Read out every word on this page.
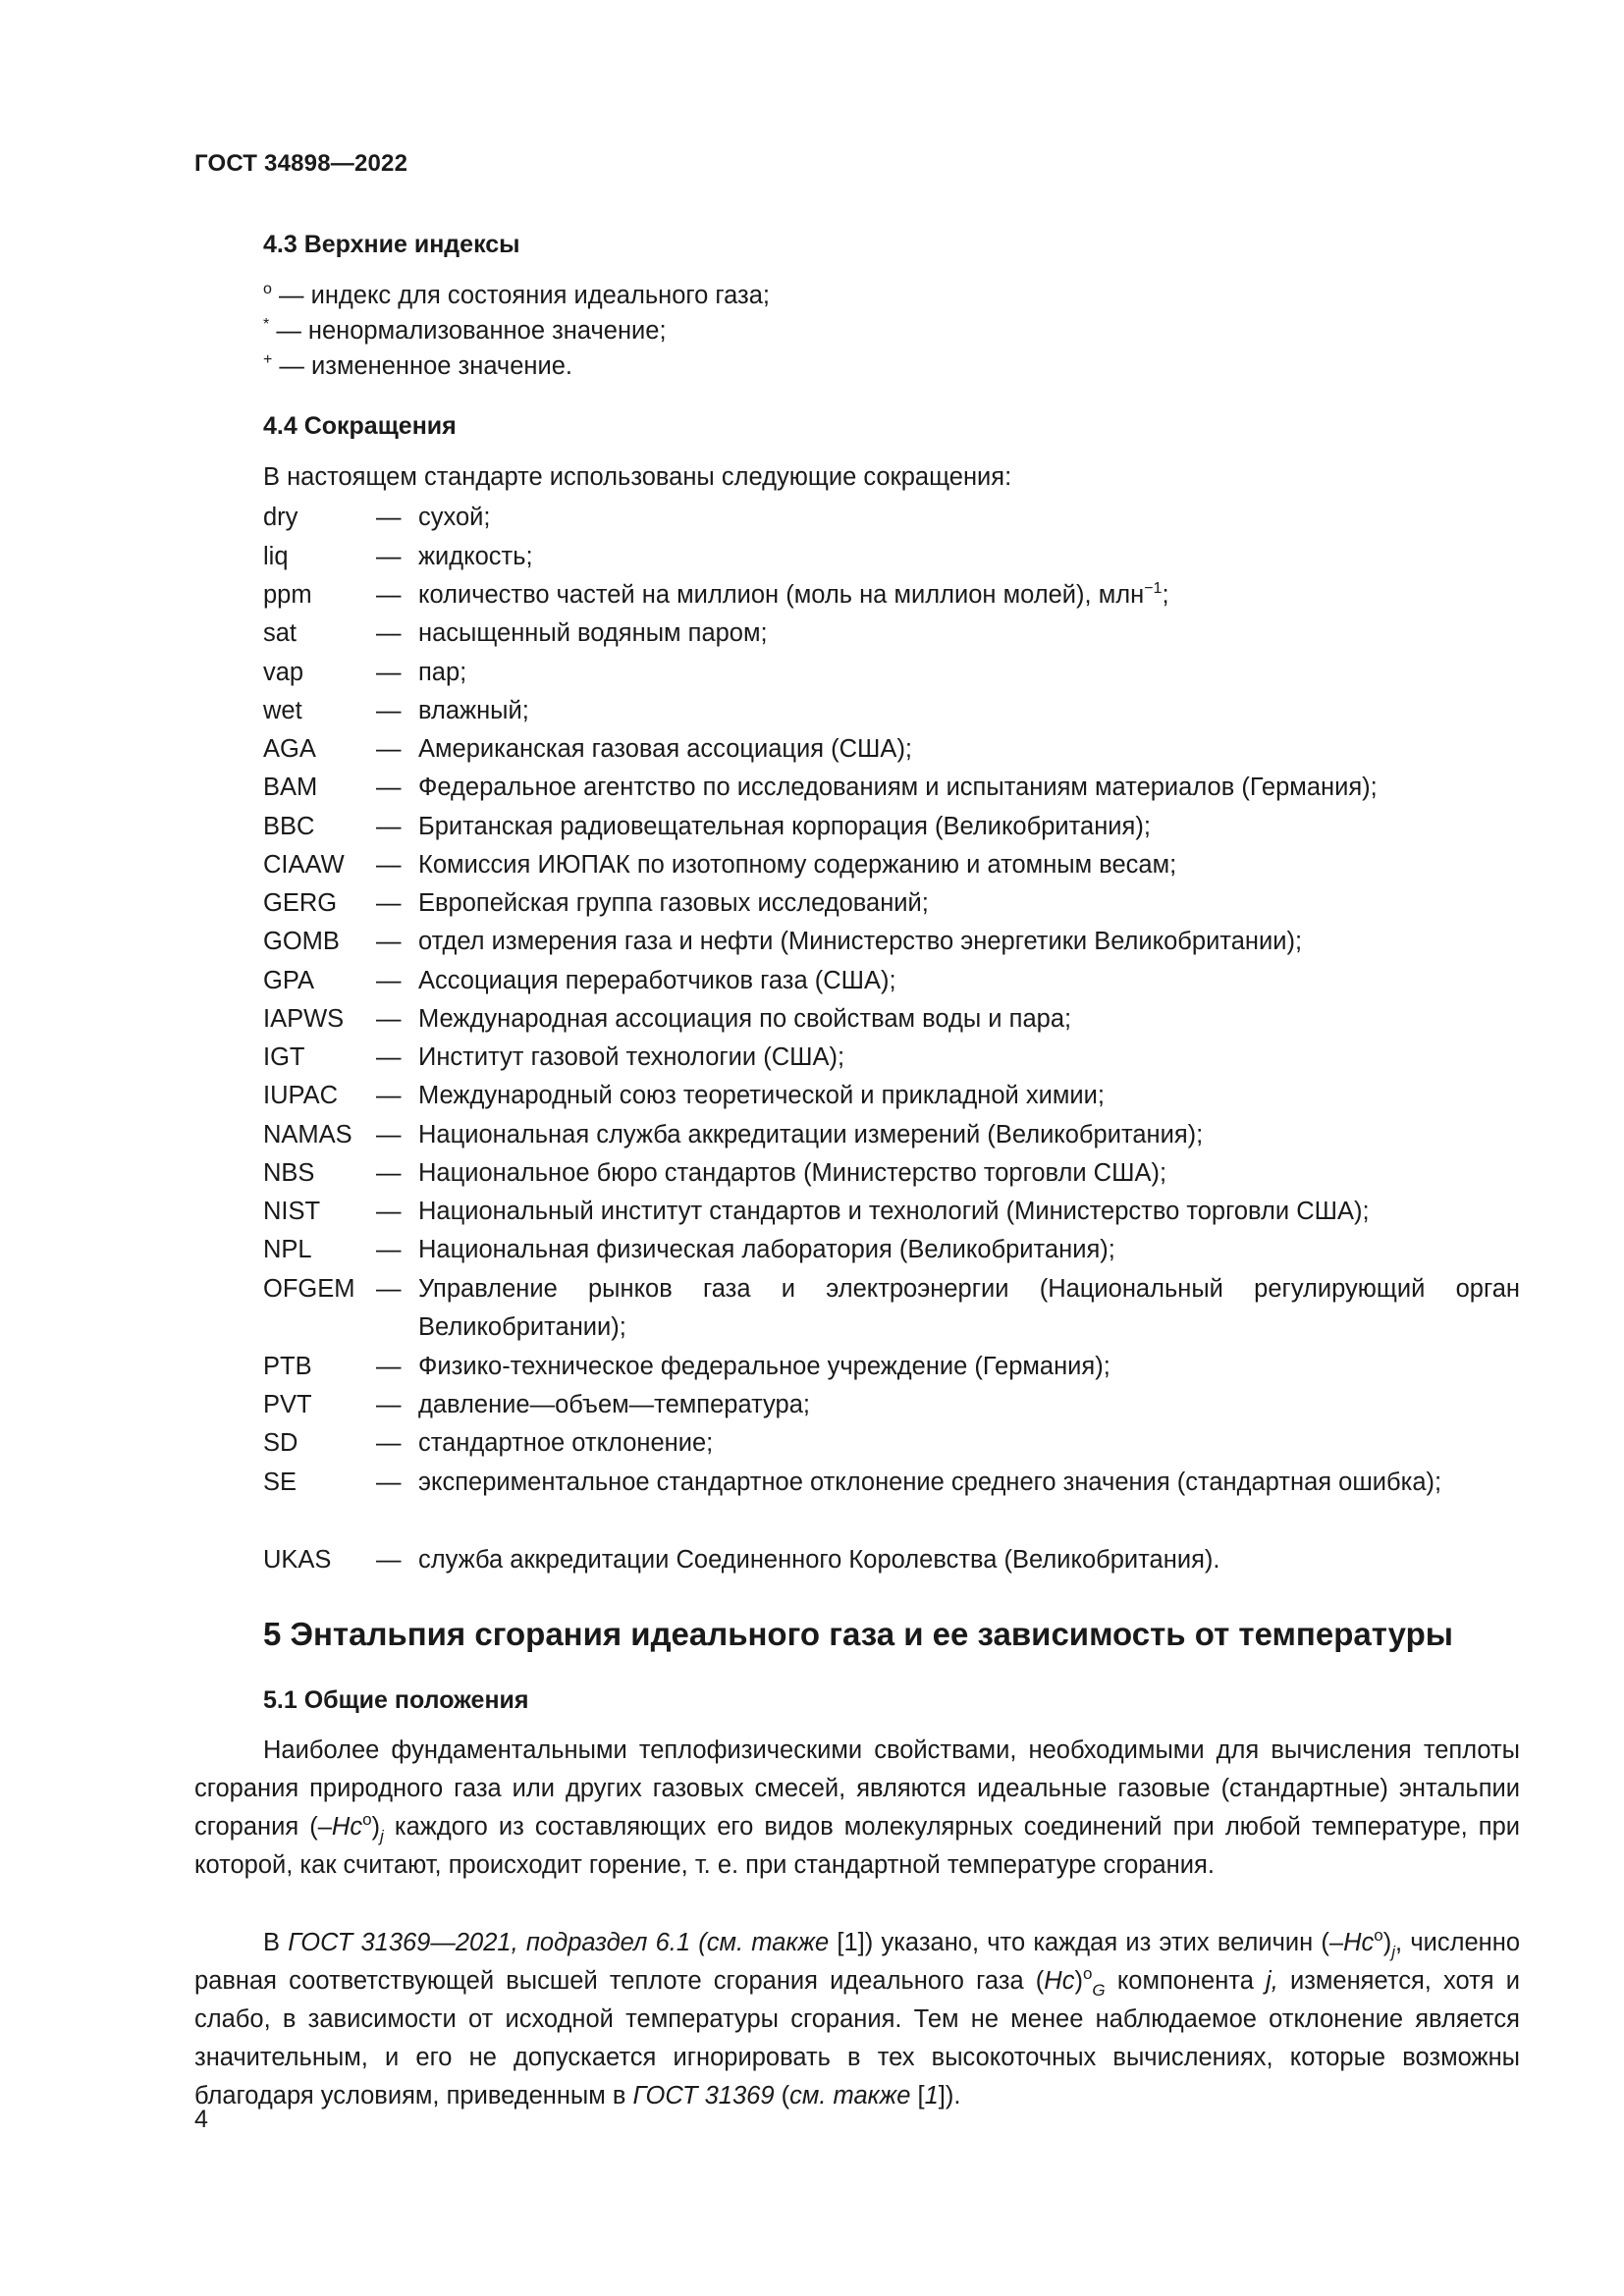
ГОСТ 34898—2022
4.3 Верхние индексы
$^o$ — индекс для состояния идеального газа;
* — ненормализованное значение;
+ — измененное значение.
4.4 Сокращения
В настоящем стандарте использованы следующие сокращения:
dry	— сухой;
liq	— жидкость;
ppm	— количество частей на миллион (моль на миллион молей), млн$^{-1}$;
sat	— насыщенный водяным паром;
vap	— пар;
wet	— влажный;
AGA	— Американская газовая ассоциация (США);
BAM	— Федеральное агентство по исследованиям и испытаниям материалов (Германия);
BBC	— Британская радиовещательная корпорация (Великобритания);
CIAAW	— Комиссия ИЮПАК по изотопному содержанию и атомным весам;
GERG	— Европейская группа газовых исследований;
GOMB	— отдел измерения газа и нефти (Министерство энергетики Великобритании);
GPA	— Ассоциация переработчиков газа (США);
IAPWS	— Международная ассоциация по свойствам воды и пара;
IGT	— Институт газовой технологии (США);
IUPAC	— Международный союз теоретической и прикладной химии;
NAMAS — Национальная служба аккредитации измерений (Великобритания);
NBS	— Национальное бюро стандартов (Министерство торговли США);
NIST	— Национальный институт стандартов и технологий (Министерство торговли США);
NPL	— Национальная физическая лаборатория (Великобритания);
OFGEM — Управление рынков газа и электроэнергии (Национальный регулирующий орган Великобритании);
PTB	— Физико-техническое федеральное учреждение (Германия);
PVT	— давление—объем—температура;
SD	— стандартное отклонение;
SE	— экспериментальное стандартное отклонение среднего значения (стандартная ошибка);
UKAS	— служба аккредитации Соединенного Королевства (Великобритания).
5 Энтальпия сгорания идеального газа и ее зависимость от температуры
5.1 Общие положения
Наиболее фундаментальными теплофизическими свойствами, необходимыми для вычисления теплоты сгорания природного газа или других газовых смесей, являются идеальные газовые (стандартные) энтальпии сгорания $(-Hc^o)_j$ каждого из составляющих его видов молекулярных соединений при любой температуре, при которой, как считают, происходит горение, т. е. при стандартной температуре сгорания.
В ГОСТ 31369—2021, подраздел 6.1 (см. также [1]) указано, что каждая из этих величин $(-Hc^o)_j$, численно равная соответствующей высшей теплоте сгорания идеального газа $(Hc)^o_G$ компонента j, изменяется, хотя и слабо, в зависимости от исходной температуры сгорания. Тем не менее наблюдаемое отклонение является значительным, и его не допускается игнорировать в тех высокоточных вычислениях, которые возможны благодаря условиям, приведенным в ГОСТ 31369 (см. также [1]).
4
